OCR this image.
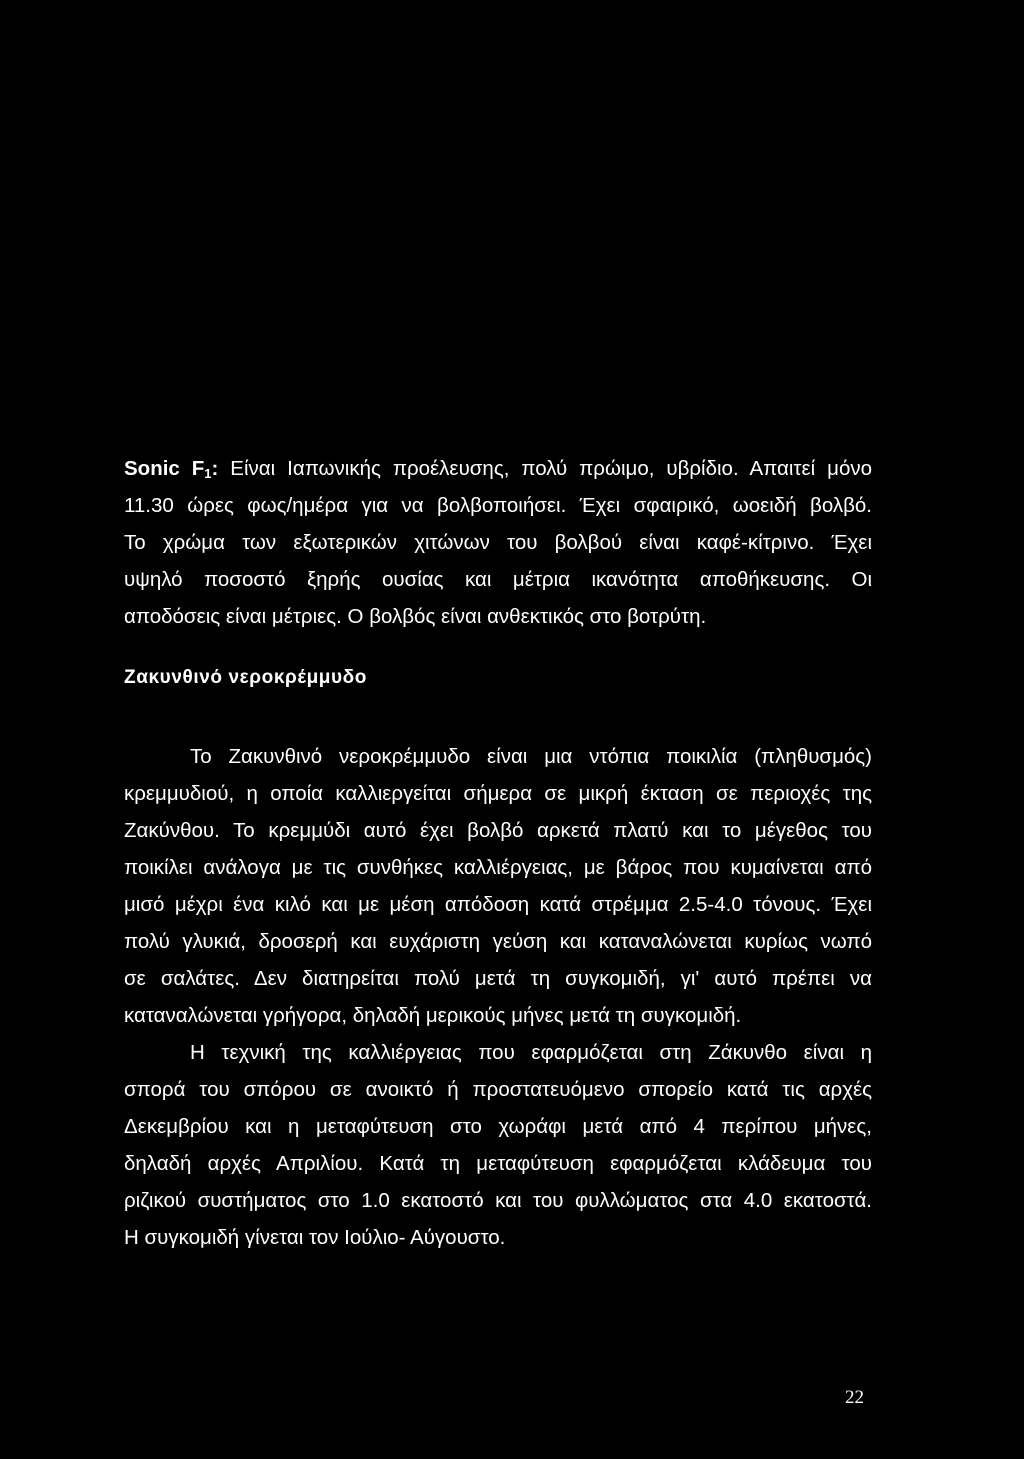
Sonic $F_1$: Είναι Ιαπωνικής προέλευσης, πολύ πρώιμο, υβρίδιο. Απαιτεί μόνο
11.30 ώρες φως/ημέρα για να βολβοποιήσει. Έχει σφαιρικό, ωοειδή βολβό.
Το χρώμα των εξωτερικών χιτώνων του βολβού είναι καφέ-κίτρινο. Έχει
υψηλό ποσοστό ξηρής ουσίας και μέτρια ικανότητα αποθήκευσης. Οι
αποδόσεις είναι μέτριες. Ο βολβός είναι ανθεκτικός στο βοτρύτη.
Ζακυνθινό νεροκρέμμυδο
Το Ζακυνθινό νεροκρέμμυδο είναι μια ντόπια ποικιλία (πληθυσμός)
κρεμμυδιού, η οποία καλλιεργείται σήμερα σε μικρή έκταση σε περιοχές της
Ζακύνθου. Το κρεμμύδι αυτό έχει βολβό αρκετά πλατύ και το μέγεθος του
ποικίλει ανάλογα με τις συνθήκες καλλιέργειας, με βάρος που κυμαίνεται από
μισό μέχρι ένα κιλό και με μέση απόδοση κατά στρέμμα 2.5-4.0 τόνους. Έχει
πολύ γλυκιά, δροσερή και ευχάριστη γεύση και καταναλώνεται κυρίως νωπό
σε σαλάτες. Δεν διατηρείται πολύ μετά τη συγκομιδή, γι' αυτό πρέπει να
καταναλώνεται γρήγορα, δηλαδή μερικούς μήνες μετά τη συγκομιδή.
Η τεχνική της καλλιέργειας που εφαρμόζεται στη Ζάκυνθο είναι η
σπορά του σπόρου σε ανοικτό ή προστατευόμενο σπορείο κατά τις αρχές
Δεκεμβρίου και η μεταφύτευση στο χωράφι μετά από 4 περίπου μήνες,
δηλαδή αρχές Απριλίου. Κατά τη μεταφύτευση εφαρμόζεται κλάδευμα του
ριζικού συστήματος στο 1.0 εκατοστό και του φυλλώματος στα 4.0 εκατοστά.
Η συγκομιδή γίνεται τον Ιούλιο- Αύγουστο.
22
